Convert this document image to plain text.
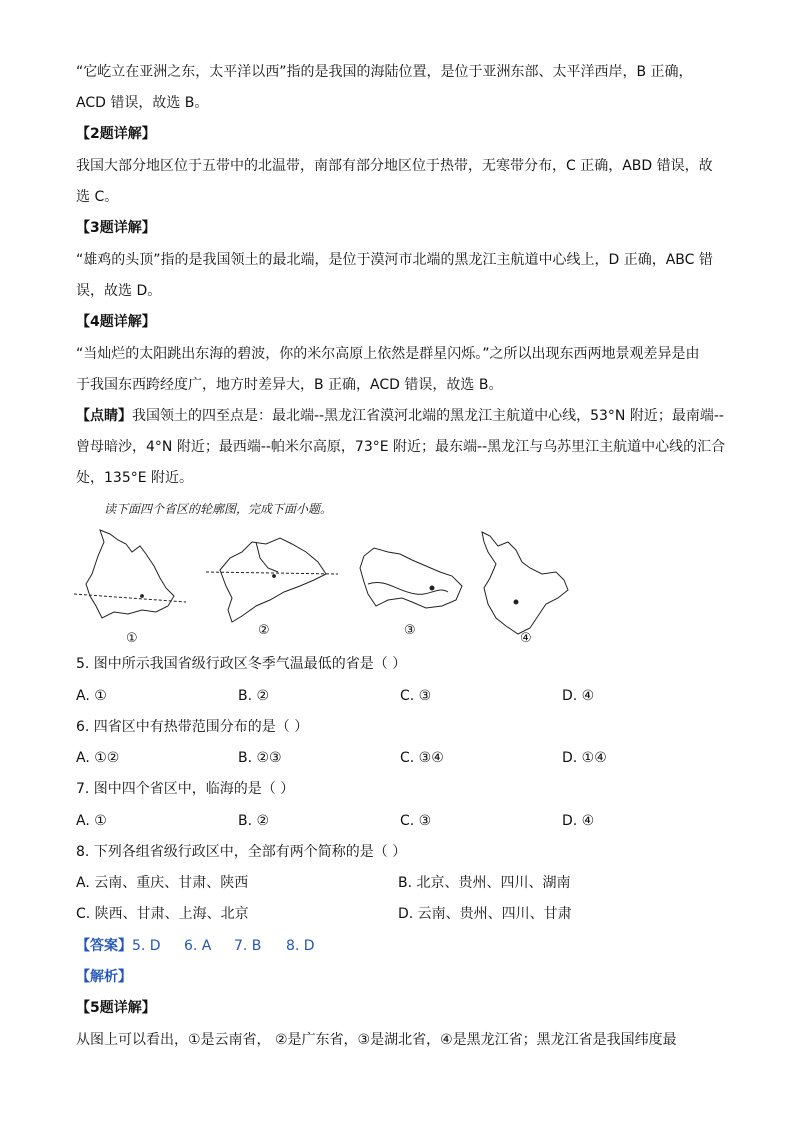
“它屹立在亚洲之东，太平洋以西”指的是我国的海陆位置，是位于亚洲东部、太平洋西岸，B 正确，
ACD 错误，故选 B。
【2题详解】
我国大部分地区位于五带中的北温带，南部有部分地区位于热带，无寒带分布，C 正确，ABD 错误，故
选 C。
【3题详解】
“雄鸡的头顶”指的是我国领土的最北端，是位于漠河市北端的黑龙江主航道中心线上，D 正确，ABC 错
误，故选 D。
【4题详解】
“当灿烂的太阳跳出东海的碧波，你的米尔高原上依然是群星闪烁。”之所以出现东西两地景观差异是由
于我国东西跨经度广，地方时差异大，B 正确，ACD 错误，故选 B。
【点睛】我国领土的四至点是：最北端--黑龙江省漠河北端的黑龙江主航道中心线，53°N 附近；最南端--
曾母暗沙，4°N 附近；最西端--帕米尔高原，73°E 附近；最东端--黑龙江与乌苏里江主航道中心线的汇合
处，135°E 附近。
读下面四个省区的轮廓图，完成下面小题。
①
②	③
④
5. 图中所示我国省级行政区冬季气温最低的省是（ ）
A. ①	B. ②	C. ③	D. ④
6. 四省区中有热带范围分布的是（ ）
A. ①②	B. ②③	C. ③④	D. ①④
7. 图中四个省区中，临海的是（ ）
A. ①	B. ②	C. ③	D. ④
8. 下列各组省级行政区中，全部有两个简称的是（ ）
A. 云南、重庆、甘肃、陕西	B. 北京、贵州、四川、湖南
C. 陕西、甘肃、上海、北京	D. 云南、贵州、四川、甘肃
【答案】 5. D 6. A 7. B 8. D
【解析】
【5题详解】
从图上可以看出，①是云南省， ②是广东省，③是湖北省，④是黑龙江省；黑龙江省是我国纬度最
